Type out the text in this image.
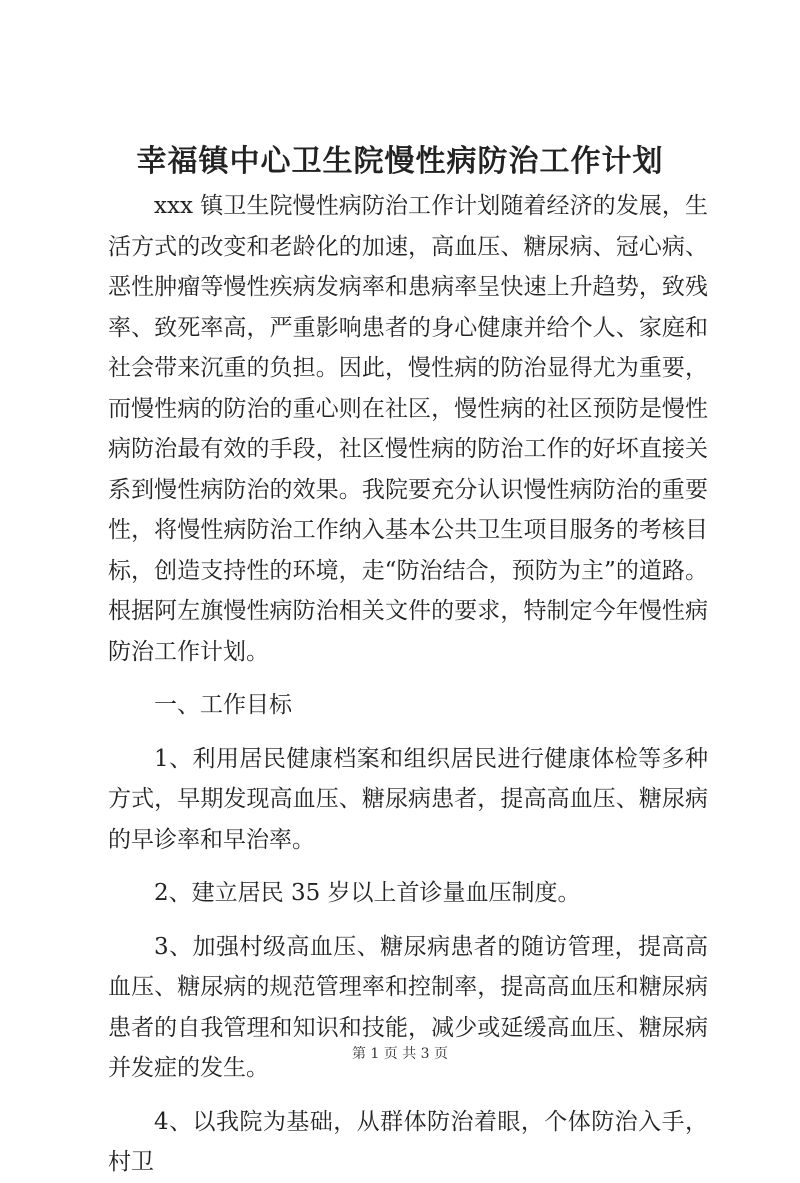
幸福镇中心卫生院慢性病防治工作计划

xxx 镇卫生院慢性病防治工作计划随着经济的发展，生活方式的改变和老龄化的加速，高血压、糖尿病、冠心病、恶性肿瘤等慢性疾病发病率和患病率呈快速上升趋势，致残率、致死率高，严重影响患者的身心健康并给个人、家庭和社会带来沉重的负担。因此，慢性病的防治显得尤为重要，而慢性病的防治的重心则在社区，慢性病的社区预防是慢性病防治最有效的手段，社区慢性病的防治工作的好坏直接关系到慢性病防治的效果。我院要充分认识慢性病防治的重要性，将慢性病防治工作纳入基本公共卫生项目服务的考核目标，创造支持性的环境，走“防治结合，预防为主”的道路。根据阿左旗慢性病防治相关文件的要求，特制定今年慢性病防治工作计划。

一、工作目标

1、利用居民健康档案和组织居民进行健康体检等多种方式，早期发现高血压、糖尿病患者，提高高血压、糖尿病的早诊率和早治率。

2、建立居民 35 岁以上首诊量血压制度。

3、加强村级高血压、糖尿病患者的随访管理，提高高血压、糖尿病的规范管理率和控制率，提高高血压和糖尿病患者的自我管理和知识和技能，减少或延缓高血压、糖尿病并发症的发生。

4、以我院为基础，从群体防治着眼，个体防治入手，村卫

第 1 页 共 3 页
